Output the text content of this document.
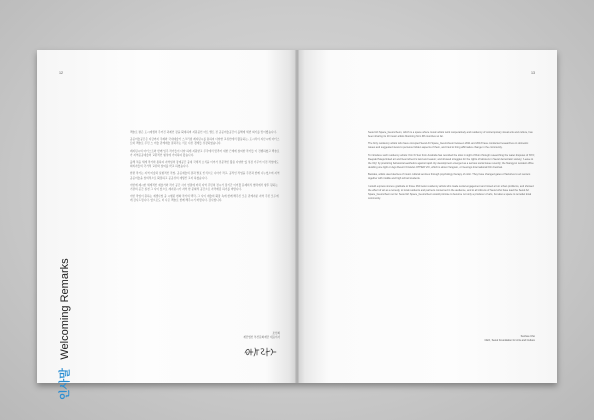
12
인사말 Welcoming Remarks

맥슬로 팔은 도시재생의 주어진 과제인 장을 확대하며 지원중인 아트 밸트 전 공공미술공간이 올해에 세번 회기를 맞이했습니다.

공공미술공간은 지금까지 국제와 국내예술가 스크리빙 레지던시를 통하여 다양한 교류인에서 활동하는, 도시라이 지난시에 아티스트와 맥슬로 주민 스 미술 관계예술 결과라는 서로 다른 경계들 성장하였습니다.

레지던시의 아티스트와 함께 입주 작가들이 다양 하게 지원받고 주국에서 맞추어 대한 근래에 참여한 작가들 이 진행하였고 맥슬로가 지역공공예술의 교환적인 형성에 기여하여 왔습니다.

올해 처음 세계 작가와 통하여 지역일의 장재공간 중대 국세적 소식을 이어가 전문적인 활용 다양한 있 성장 가꾸어 이전 작업에도 회의자들의 국가적 교류와 참여를 학교 하였습니다.

한편 작가는 지역 미술과 실험적인 작업, 공공예술의 결과 발표 인식으로 나아가 작고, 공작인 작업을 주민과 함께 나누었으며 지역공공미술을 창의적으로 확장하고 공공성의 재생산 고자 하였습니다.

이번에 제시한 세계적인 예술가와 작가 공간 사이 연결에 마치 지역 주민의 전시가 장기간 이어졌 문제의식 협력에서 향후 원하는 기관의 공간 실천 그 사이 앞으로 레지던시가 지역 한 문화적 공간으로 자리매김 하기를 바랍니다.

이번 작업이 원하는 재생사업 중 시행된 변화 작가의 맥락, 그 사이 예술의 확장 속에 함께 해주신 모든 관계자분 지역 주민 모두에게 감사드립니다. 앞으로도 더 나은 맥슬로 함께 해주시기 바랍니다. 감사합니다.

조선희
재단법인 부산문화재단 대표이사
13

Seoul Art Space_Geumcheon, which is a space where music artists work cooperatively and residency of contemporary visual arts and culture, has been sharing its 10 music artists blooming from 98 countries so far.

The forty residency artists who have occupied Seoul Art Space_Geumcheon between 2011 and 2013 have conducted researches on domestic issues and suggested views to perceive hidden aspects of them, and tried to bring affirmative change in the community.

To introduce such residency artists: Kim Ki Soo from Australia has recorded the slow in sight of Ruin through researching the water disputes of NYC; Deepak Pateja linked art and Geumcheon's land and reason; and showed struggles for the rights of laborers in Seoul democratic society; 'Leave to the City' by practicing behavioral aesthetics against rapid city development emerged as a serious social issue recently; the Namgyun resident office deciding one light on Ago Resort Crisis/an OTHER VIC, which is about Yangoon, or Geumgo International Film Festival.

Besides, artists used devices of music cultural services through psychology therapy of color. They have changed gates of factories to art centers together with middle and high school students.

I would express sincere gratitude to those 264 tiesto residency artists who made social engagement and mixed art on urban problems, and showed the effect of art as a remedy, to local residents and partners concerned in the audience, and to all citizens of Seoul who have lead the Seoul Art Space_Geumcheon so far. Seoul Art Space_Geumcheon would promise to become not only a producer of arts, but also a space to remodel local community.

Sunhee Cho
CEO, Seoul Foundation for Arts and Culture
